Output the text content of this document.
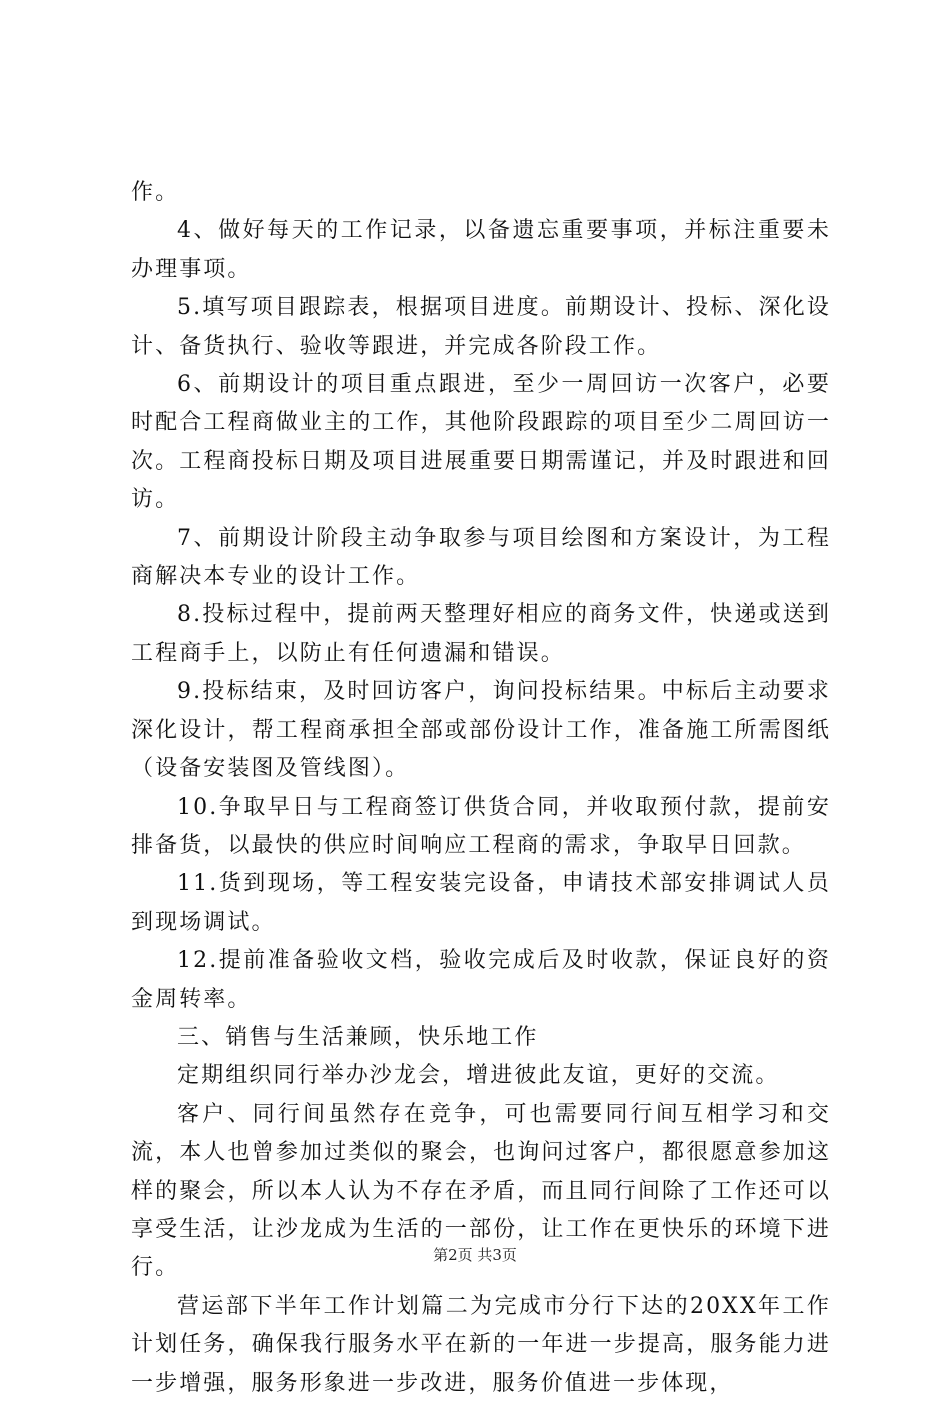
作。

4、做好每天的工作记录，以备遗忘重要事项，并标注重要未办理事项。

5.填写项目跟踪表，根据项目进度。前期设计、投标、深化设计、备货执行、验收等跟进，并完成各阶段工作。

6、前期设计的项目重点跟进，至少一周回访一次客户，必要时配合工程商做业主的工作，其他阶段跟踪的项目至少二周回访一次。工程商投标日期及项目进展重要日期需谨记，并及时跟进和回访。

7、前期设计阶段主动争取参与项目绘图和方案设计，为工程商解决本专业的设计工作。

8.投标过程中，提前两天整理好相应的商务文件，快递或送到工程商手上，以防止有任何遗漏和错误。

9.投标结束，及时回访客户，询问投标结果。中标后主动要求深化设计，帮工程商承担全部或部份设计工作，准备施工所需图纸（设备安装图及管线图）。

10.争取早日与工程商签订供货合同，并收取预付款，提前安排备货，以最快的供应时间响应工程商的需求，争取早日回款。

11.货到现场，等工程安装完设备，申请技术部安排调试人员到现场调试。

12.提前准备验收文档，验收完成后及时收款，保证良好的资金周转率。

三、销售与生活兼顾，快乐地工作

定期组织同行举办沙龙会，增进彼此友谊，更好的交流。

客户、同行间虽然存在竞争，可也需要同行间互相学习和交流，本人也曾参加过类似的聚会，也询问过客户，都很愿意参加这样的聚会，所以本人认为不存在矛盾，而且同行间除了工作还可以享受生活，让沙龙成为生活的一部份，让工作在更快乐的环境下进行。

营运部下半年工作计划篇二为完成市分行下达的20XX年工作计划任务，确保我行服务水平在新的一年进一步提高，服务能力进一步增强，服务形象进一步改进，服务价值进一步体现，

第2页 共3页
